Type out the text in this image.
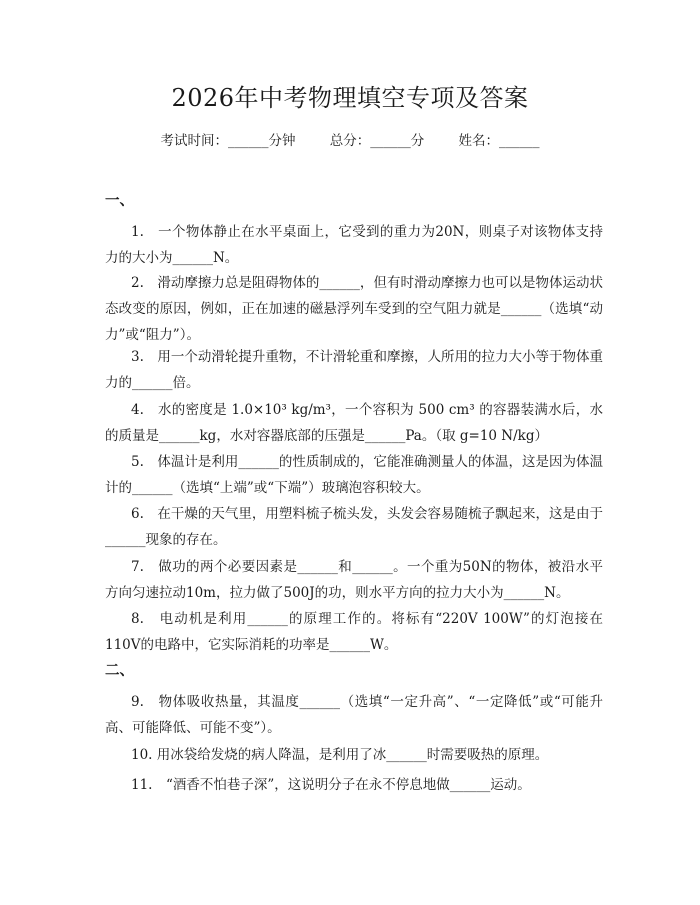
2026年中考物理填空专项及答案
考试时间：______分钟	总分：______分	姓名：______
一、

1.　一个物体静止在水平桌面上，它受到的重力为20N，则桌子对该物体支持力的大小为______N。

2.　滑动摩擦力总是阻碍物体的______，但有时滑动摩擦力也可以是物体运动状态改变的原因，例如，正在加速的磁悬浮列车受到的空气阻力就是______（选填“动力”或“阻力”）。

3.　用一个动滑轮提升重物，不计滑轮重和摩擦，人所用的拉力大小等于物体重力的______倍。

4.　水的密度是 1.0×10³ kg/m³，一个容积为 500 cm³ 的容器装满水后，水的质量是______kg，水对容器底部的压强是______Pa。（取 g=10 N/kg）

5.　体温计是利用______的性质制成的，它能准确测量人的体温，这是因为体温计的______（选填“上端”或“下端”）玻璃泡容积较大。

6.　在干燥的天气里，用塑料梳子梳头发，头发会容易随梳子飘起来，这是由于______现象的存在。

7.　做功的两个必要因素是______和______。一个重为50N的物体，被沿水平方向匀速拉动10m，拉力做了500J的功，则水平方向的拉力大小为______N。

8.　电动机是利用______的原理工作的。将标有“220V 100W”的灯泡接在110V的电路中，它实际消耗的功率是______W。

二、

9.　物体吸收热量，其温度______（选填“一定升高”、“一定降低”或“可能升高、可能降低、可能不变”）。

10. 用冰袋给发烧的病人降温，是利用了冰______时需要吸热的原理。

11.　“酒香不怕巷子深”，这说明分子在永不停息地做______运动。
